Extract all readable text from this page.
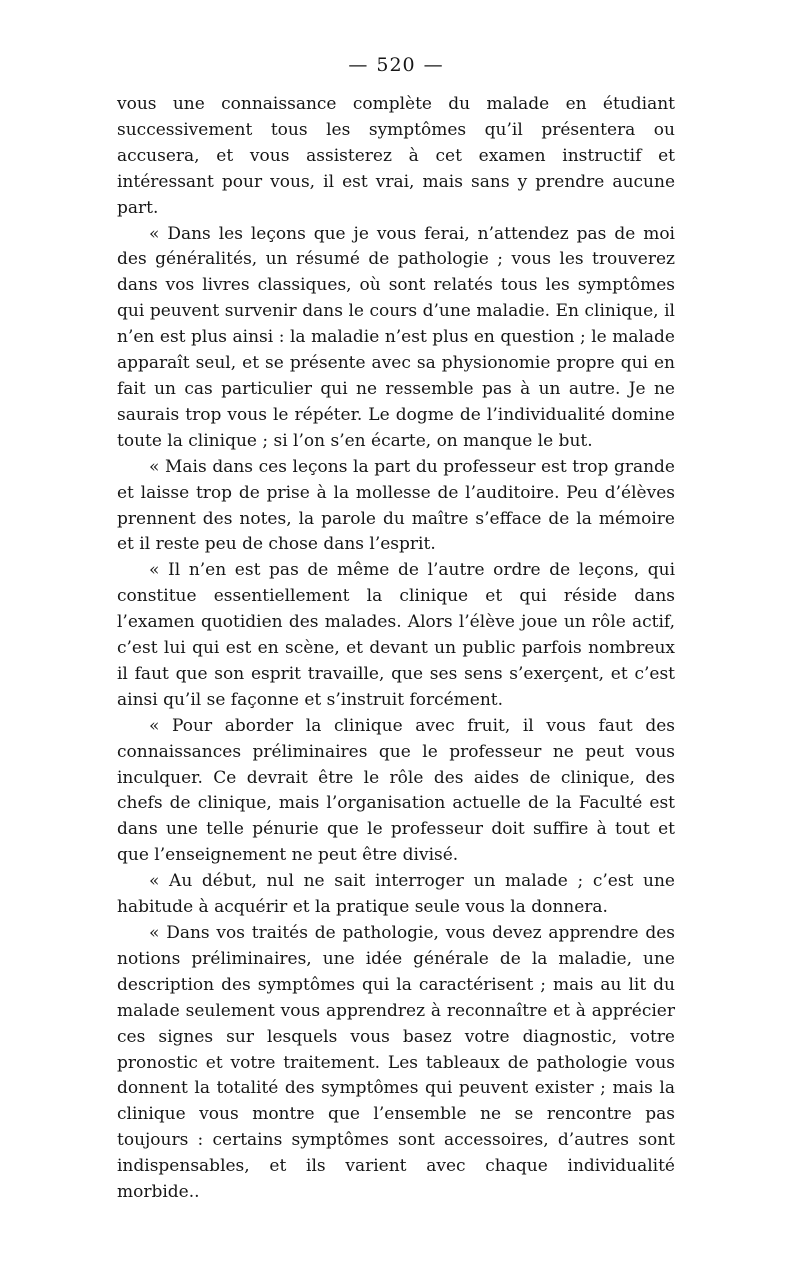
— 520 —

vous une connaissance complète du malade en étudiant successivement tous les symptômes qu’il présentera ou accusera, et vous assisterez à cet examen instructif et intéressant pour vous, il est vrai, mais sans y prendre aucune part.

« Dans les leçons que je vous ferai, n’attendez pas de moi des généralités, un résumé de pathologie ; vous les trouverez dans vos livres classiques, où sont relatés tous les symptômes qui peuvent survenir dans le cours d’une maladie. En clinique, il n’en est plus ainsi : la maladie n’est plus en question ; le malade apparaît seul, et se présente avec sa physionomie propre qui en fait un cas particulier qui ne ressemble pas à un autre. Je ne saurais trop vous le répéter. Le dogme de l’individualité domine toute la clinique ; si l’on s’en écarte, on manque le but.

« Mais dans ces leçons la part du professeur est trop grande et laisse trop de prise à la mollesse de l’auditoire. Peu d’élèves prennent des notes, la parole du maître s’efface de la mémoire et il reste peu de chose dans l’esprit.

« Il n’en est pas de même de l’autre ordre de leçons, qui constitue essentiellement la clinique et qui réside dans l’examen quotidien des malades. Alors l’élève joue un rôle actif, c’est lui qui est en scène, et devant un public parfois nombreux il faut que son esprit travaille, que ses sens s’exerçent, et c’est ainsi qu’il se façonne et s’instruit forcément.

« Pour aborder la clinique avec fruit, il vous faut des connaissances préliminaires que le professeur ne peut vous inculquer. Ce devrait être le rôle des aides de clinique, des chefs de clinique, mais l’organisation actuelle de la Faculté est dans une telle pénurie que le professeur doit suffire à tout et que l’enseignement ne peut être divisé.

« Au début, nul ne sait interroger un malade ; c’est une habitude à acquérir et la pratique seule vous la donnera.

« Dans vos traités de pathologie, vous devez apprendre des notions préliminaires, une idée générale de la maladie, une description des symptômes qui la caractérisent ; mais au lit du malade seulement vous apprendrez à reconnaître et à apprécier ces signes sur lesquels vous basez votre diagnostic, votre pronostic et votre traitement. Les tableaux de pathologie vous donnent la totalité des symptômes qui peuvent exister ; mais la clinique vous montre que l’ensemble ne se rencontre pas toujours : certains symptômes sont accessoires, d’autres sont indispensables, et ils varient avec chaque individualité morbide..
